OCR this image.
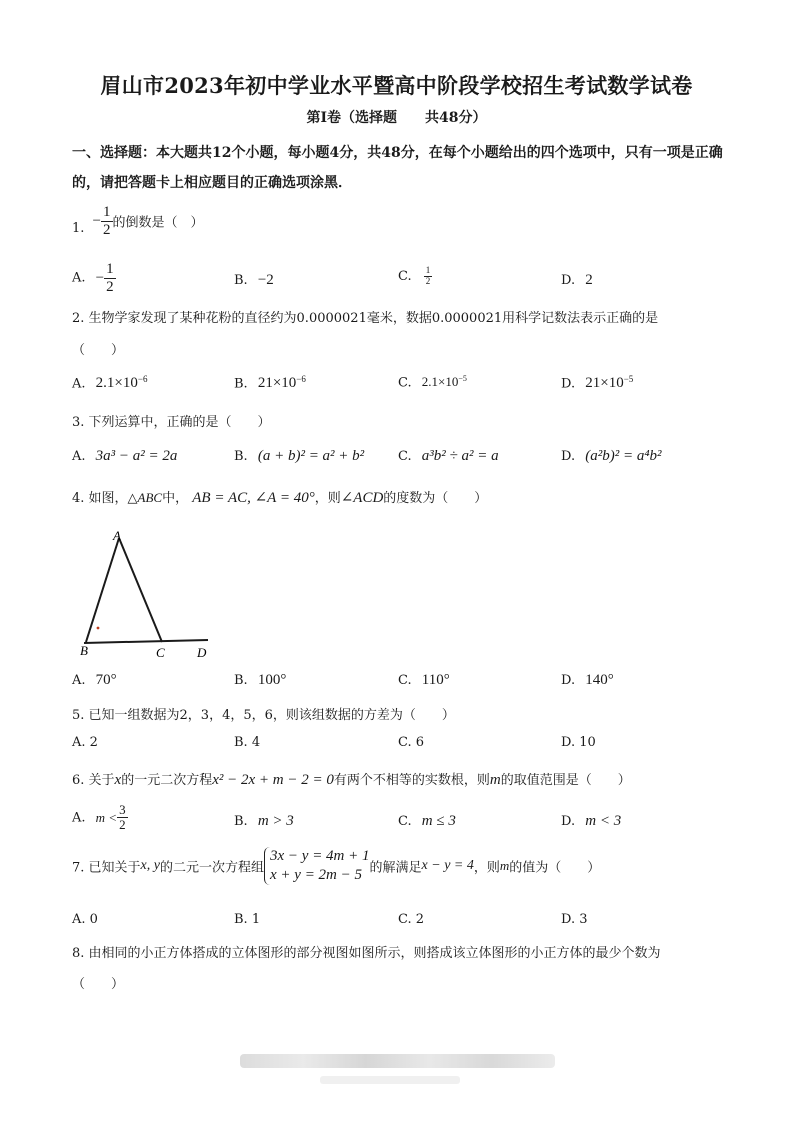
眉山市2023年初中学业水平暨高中阶段学校招生考试数学试卷
第Ⅰ卷（选择题　　共48分）
一、选择题：本大题共12个小题，每小题4分，共48分，在每个小题给出的四个选项中，只有一项是正确的，请把答题卡上相应题目的正确选项涂黑．
1. − $\frac{1}{2}$ 的倒数是（　）
A. − $\frac{1}{2}$	B. −2	C. $\frac{1}{2}$	D. 2
2. 生物学家发现了某种花粉的直径约为0.0000021毫米，数据0.0000021用科学记数法表示正确的是
（　　）
A. $2.1\times 10^{-6}$	B. $21\times 10^{-6}$	C. $2.1\times 10^{-5}$	D. $21\times 10^{-5}$
3. 下列运算中，正确的是（　　）
A. 3a³ − a² = 2a	B. (a + b)² = a² + b²	C. a³b² ÷ a² = a	D. (a²b)² = a⁴b²
4. 如图，△ABC中， AB = AC, ∠A = 40°，则∠ACD的度数为（　　）
A
B	C D
A. 70°	B. 100°	C. 110°	D. 140°
5. 已知一组数据为2，3，4，5，6，则该组数据的方差为（　　）
A. 2	B. 4	C. 6	D. 10
6. 关于x的一元二次方程x² − 2x + m − 2 = 0有两个不相等的实数根，则m的取值范围是（　　）
A. $m < \frac{3}{2}$	B. m > 3	C. m ≤ 3	D. m < 3
7. 已知关于x, y的二元一次方程组
3x − y = 4m + 1
x + y = 2m − 5 的解满足x − y = 4，则m的值为（　　）
A. 0	B. 1	C. 2	D. 3
8. 由相同的小正方体搭成的立体图形的部分视图如图所示，则搭成该立体图形的小正方体的最少个数为
（　　）
